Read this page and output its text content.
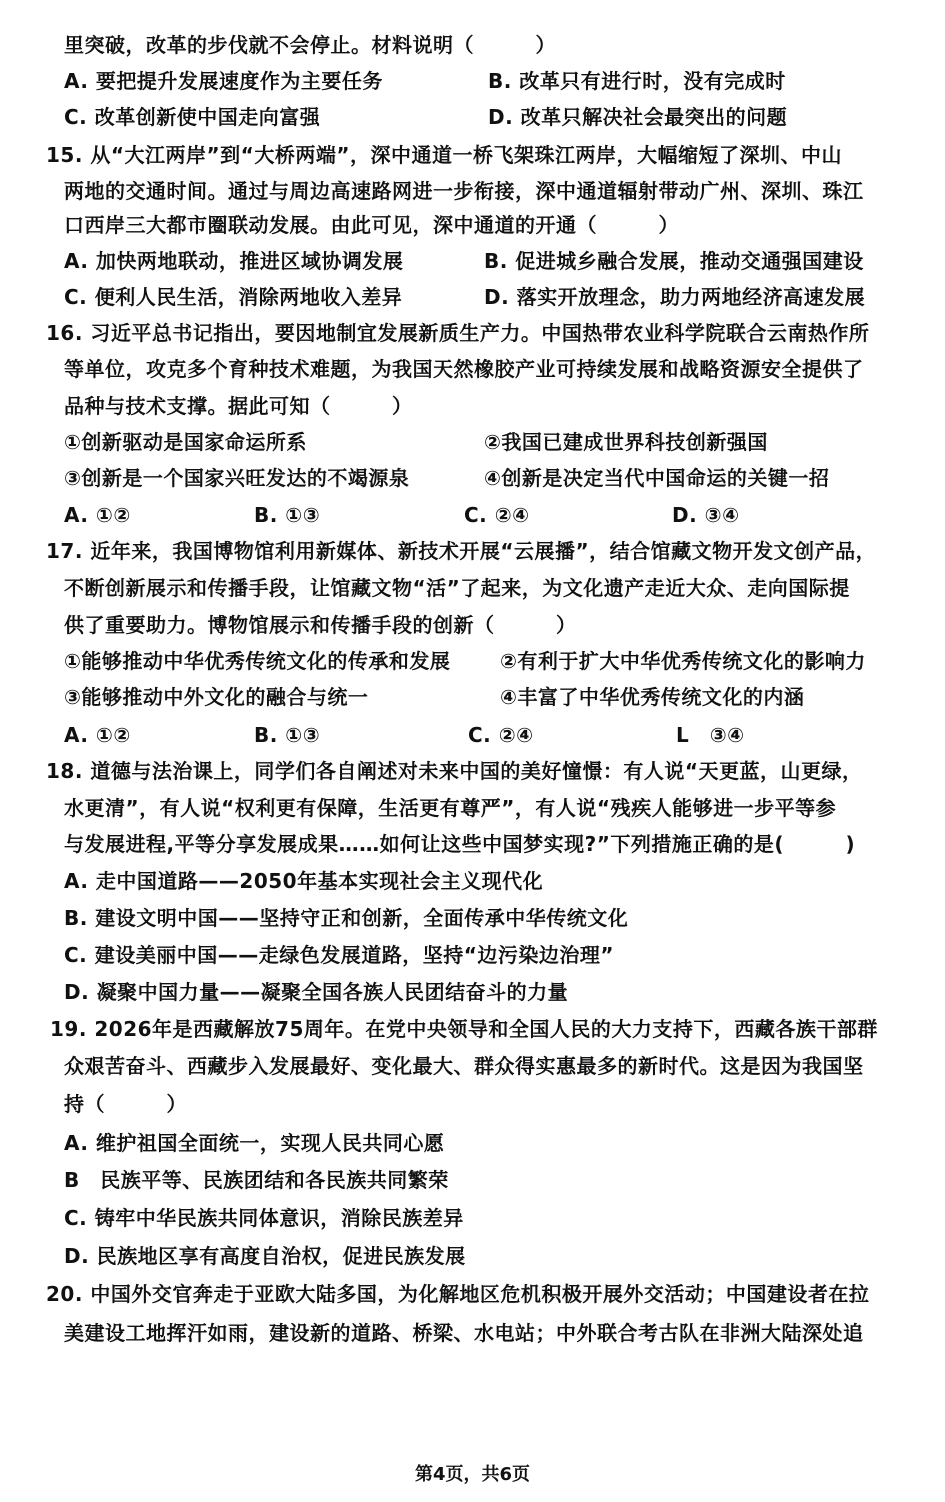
里突破，改革的步伐就不会停止。材料说明（　　　）
A. 要把提升发展速度作为主要任务	B. 改革只有进行时，没有完成时
C. 改革创新使中国走向富强	D. 改革只解决社会最突出的问题
15. 从“大江两岸”到“大桥两端”，深中通道一桥飞架珠江两岸，大幅缩短了深圳、中山
两地的交通时间。通过与周边高速路网进一步衔接，深中通道辐射带动广州、深圳、珠江
口西岸三大都市圈联动发展。由此可见，深中通道的开通（　　　）
A. 加快两地联动，推进区域协调发展	B. 促进城乡融合发展，推动交通强国建设
C. 便利人民生活，消除两地收入差异	D. 落实开放理念，助力两地经济高速发展
16. 习近平总书记指出，要因地制宜发展新质生产力。中国热带农业科学院联合云南热作所
等单位，攻克多个育种技术难题，为我国天然橡胶产业可持续发展和战略资源安全提供了
品种与技术支撑。据此可知（　　　）
①创新驱动是国家命运所系	②我国已建成世界科技创新强国
③创新是一个国家兴旺发达的不竭源泉	④创新是决定当代中国命运的关键一招
A. ①②	B. ①③	C. ②④	D. ③④
17. 近年来，我国博物馆利用新媒体、新技术开展“云展播”，结合馆藏文物开发文创产品，
不断创新展示和传播手段，让馆藏文物“活”了起来，为文化遗产走近大众、走向国际提
供了重要助力。博物馆展示和传播手段的创新（　　　）
①能够推动中华优秀传统文化的传承和发展 ②有利于扩大中华优秀传统文化的影响力
③能够推动中外文化的融合与统一	④丰富了中华优秀传统文化的内涵
A. ①②	B. ①③	C. ②④	L　③④
18. 道德与法治课上，同学们各自阐述对未来中国的美好憧憬：有人说“天更蓝，山更绿，
水更清”，有人说“权利更有保障，生活更有尊严”，有人说“残疾人能够进一步平等参
与发展进程,平等分享发展成果……如何让这些中国梦实现?”下列措施正确的是(　　　)
A. 走中国道路——2050年基本实现社会主义现代化
B. 建设文明中国——坚持守正和创新，全面传承中华传统文化
C. 建设美丽中国——走绿色发展道路，坚持“边污染边治理”
D. 凝聚中国力量——凝聚全国各族人民团结奋斗的力量
19. 2026年是西藏解放75周年。在党中央领导和全国人民的大力支持下，西藏各族干部群
众艰苦奋斗、西藏步入发展最好、变化最大、群众得实惠最多的新时代。这是因为我国坚
持（　　　）
A. 维护祖国全面统一，实现人民共同心愿
B　民族平等、民族团结和各民族共同繁荣
C. 铸牢中华民族共同体意识，消除民族差异
D. 民族地区享有高度自治权，促进民族发展
20. 中国外交官奔走于亚欧大陆多国，为化解地区危机积极开展外交活动；中国建设者在拉
美建设工地挥汗如雨，建设新的道路、桥梁、水电站；中外联合考古队在非洲大陆深处追
第4页，共6页
